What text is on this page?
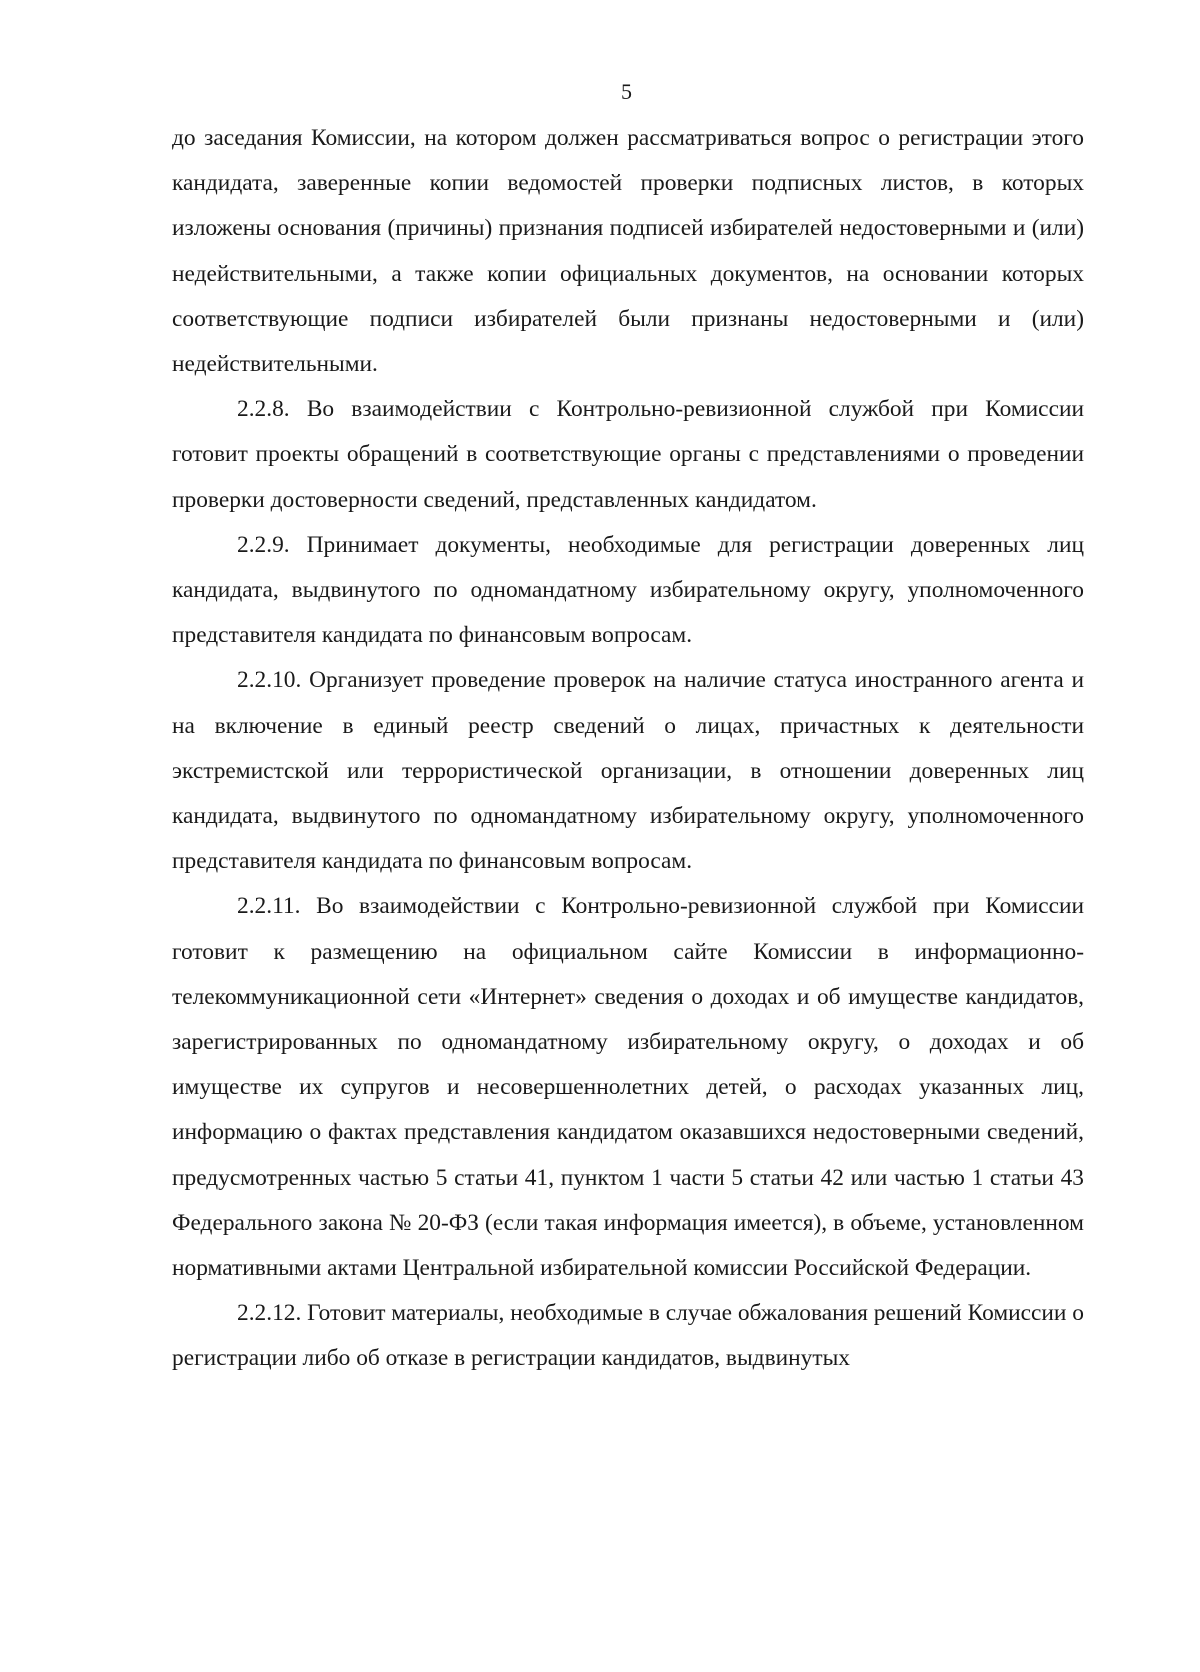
5

до заседания Комиссии, на котором должен рассматриваться вопрос о регистрации этого кандидата, заверенные копии ведомостей проверки подписных листов, в которых изложены основания (причины) признания подписей избирателей недостоверными и (или) недействительными, а также копии официальных документов, на основании которых соответствующие подписи избирателей были признаны недостоверными и (или) недействительными.

2.2.8. Во взаимодействии с Контрольно-ревизионной службой при Комиссии готовит проекты обращений в соответствующие органы с представлениями о проведении проверки достоверности сведений, представленных кандидатом.

2.2.9. Принимает документы, необходимые для регистрации доверенных лиц кандидата, выдвинутого по одномандатному избирательному округу, уполномоченного представителя кандидата по финансовым вопросам.

2.2.10. Организует проведение проверок на наличие статуса иностранного агента и на включение в единый реестр сведений о лицах, причастных к деятельности экстремистской или террористической организации, в отношении доверенных лиц кандидата, выдвинутого по одномандатному избирательному округу, уполномоченного представителя кандидата по финансовым вопросам.

2.2.11. Во взаимодействии с Контрольно-ревизионной службой при Комиссии готовит к размещению на официальном сайте Комиссии в информационно-телекоммуникационной сети «Интернет» сведения о доходах и об имуществе кандидатов, зарегистрированных по одномандатному избирательному округу, о доходах и об имуществе их супругов и несовершеннолетних детей, о расходах указанных лиц, информацию о фактах представления кандидатом оказавшихся недостоверными сведений, предусмотренных частью 5 статьи 41, пунктом 1 части 5 статьи 42 или частью 1 статьи 43 Федерального закона № 20-ФЗ (если такая информация имеется), в объеме, установленном нормативными актами Центральной избирательной комиссии Российской Федерации.

2.2.12. Готовит материалы, необходимые в случае обжалования решений Комиссии о регистрации либо об отказе в регистрации кандидатов, выдвинутых
